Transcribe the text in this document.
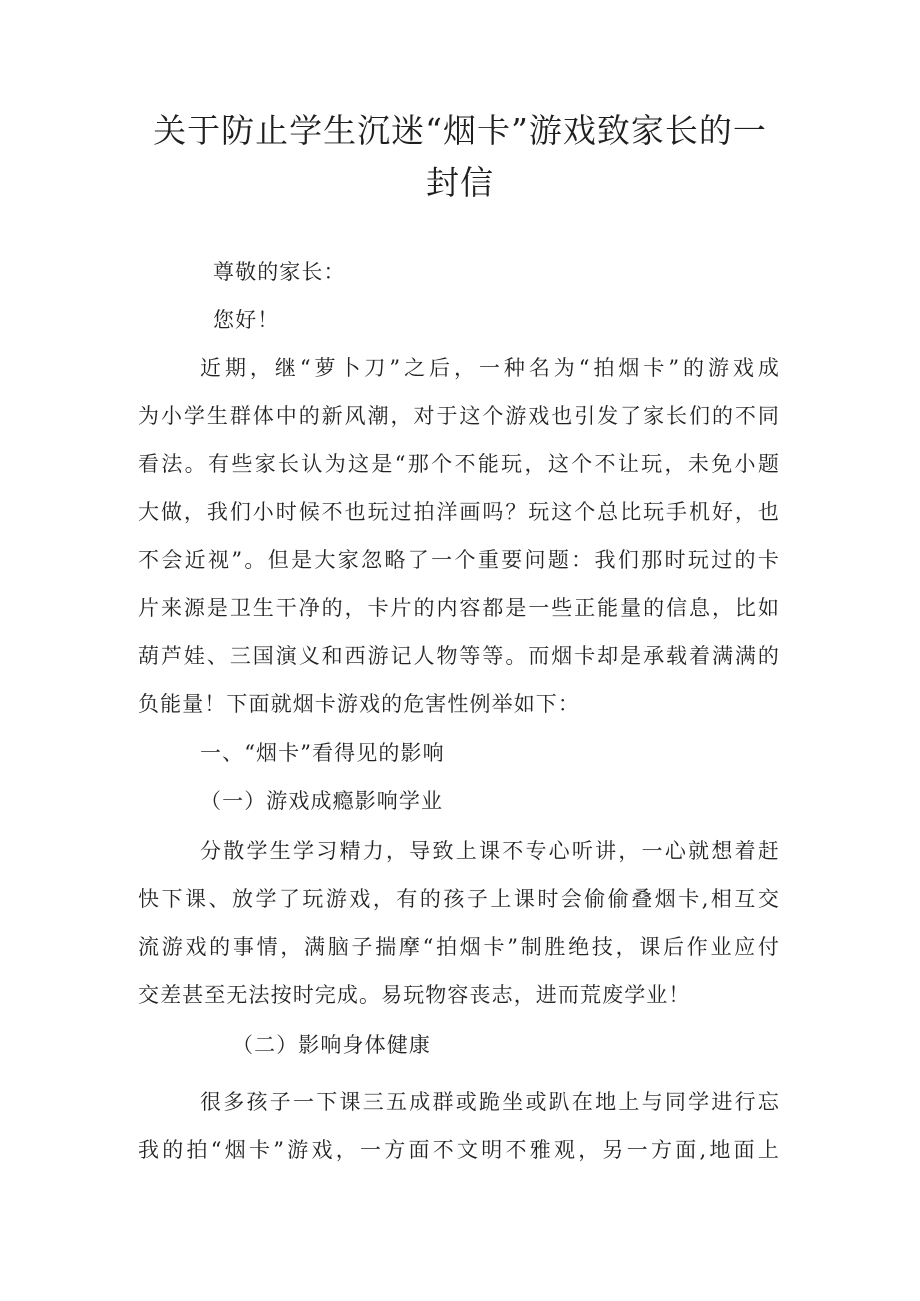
关于防止学生沉迷“烟卡”游戏致家长的一
封信
尊敬的家长：
您好！
近期，继“萝卜刀”之后，一种名为“拍烟卡”的游戏成
为小学生群体中的新风潮，对于这个游戏也引发了家长们的不同
看法。有些家长认为这是“那个不能玩，这个不让玩，未免小题
大做，我们小时候不也玩过拍洋画吗？玩这个总比玩手机好，也
不会近视”。但是大家忽略了一个重要问题：我们那时玩过的卡
片来源是卫生干净的，卡片的内容都是一些正能量的信息，比如
葫芦娃、三国演义和西游记人物等等。而烟卡却是承载着满满的
负能量！下面就烟卡游戏的危害性例举如下：
一、“烟卡”看得见的影响
（一）游戏成瘾影响学业
分散学生学习精力，导致上课不专心听讲，一心就想着赶
快下课、放学了玩游戏，有的孩子上课时会偷偷叠烟卡,相互交
流游戏的事情，满脑子揣摩“拍烟卡”制胜绝技，课后作业应付
交差甚至无法按时完成。易玩物容丧志，进而荒废学业！
（二）影响身体健康
很多孩子一下课三五成群或跪坐或趴在地上与同学进行忘
我的拍“烟卡”游戏，一方面不文明不雅观，另一方面,地面上
